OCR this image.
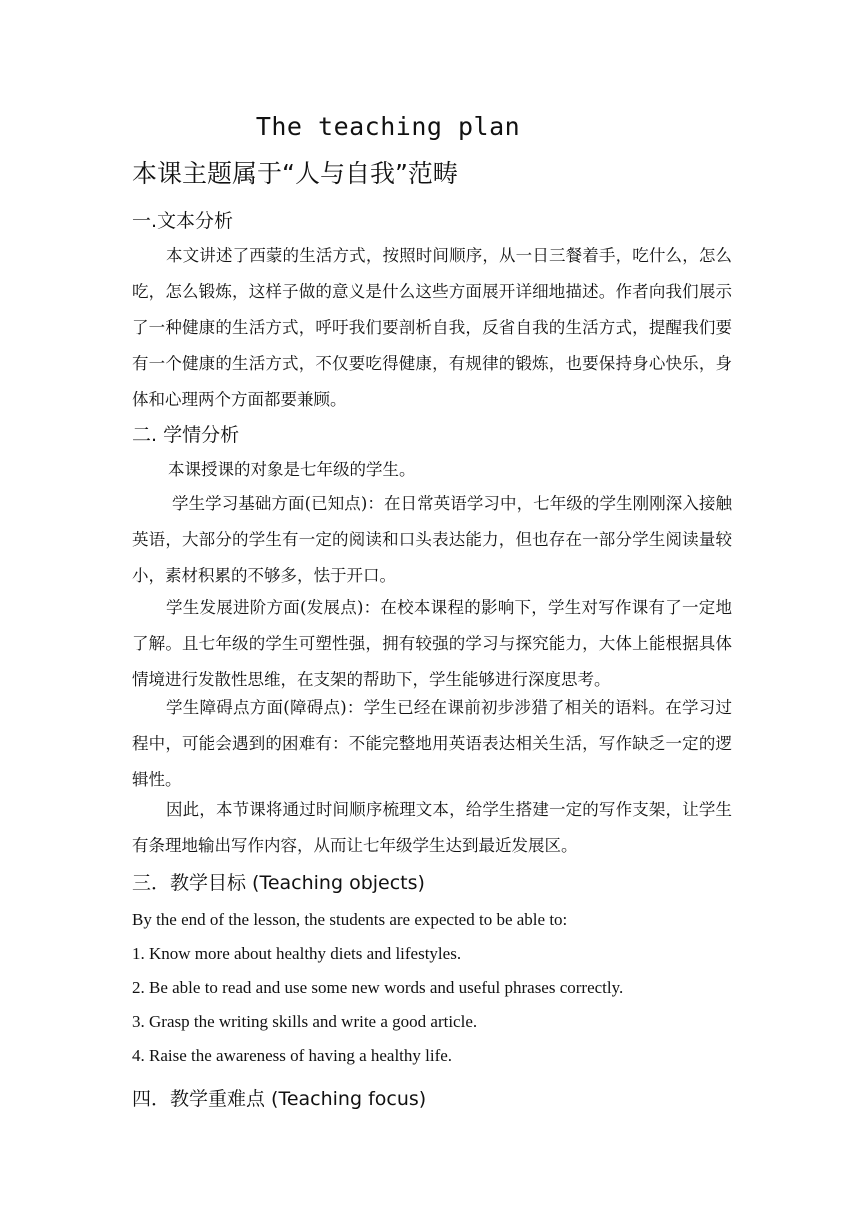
The teaching plan
本课主题属于“人与自我”范畴
一.文本分析

本文讲述了西蒙的生活方式，按照时间顺序，从一日三餐着手，吃什么，怎么吃，怎么锻炼，这样子做的意义是什么这些方面展开详细地描述。作者向我们展示了一种健康的生活方式，呼吁我们要剖析自我，反省自我的生活方式，提醒我们要有一个健康的生活方式，不仅要吃得健康，有规律的锻炼，也要保持身心快乐，身体和心理两个方面都要兼顾。

二. 学情分析

本课授课的对象是七年级的学生。

学生学习基础方面(已知点)：在日常英语学习中，七年级的学生刚刚深入接触英语，大部分的学生有一定的阅读和口头表达能力，但也存在一部分学生阅读量较小，素材积累的不够多，怯于开口。

学生发展进阶方面(发展点)：在校本课程的影响下，学生对写作课有了一定地了解。且七年级的学生可塑性强，拥有较强的学习与探究能力，大体上能根据具体情境进行发散性思维，在支架的帮助下，学生能够进行深度思考。

学生障碍点方面(障碍点)：学生已经在课前初步涉猎了相关的语料。在学习过程中，可能会遇到的困难有：不能完整地用英语表达相关生活，写作缺乏一定的逻辑性。

因此，本节课将通过时间顺序梳理文本，给学生搭建一定的写作支架，让学生有条理地输出写作内容，从而让七年级学生达到最近发展区。

三．教学目标 (Teaching objects)

By the end of the lesson, the students are expected to be able to:

1. Know more about healthy diets and lifestyles.

2. Be able to read and use some new words and useful phrases correctly.

3. Grasp the writing skills and write a good article.

4. Raise the awareness of having a healthy life.

四．教学重难点 (Teaching focus)
